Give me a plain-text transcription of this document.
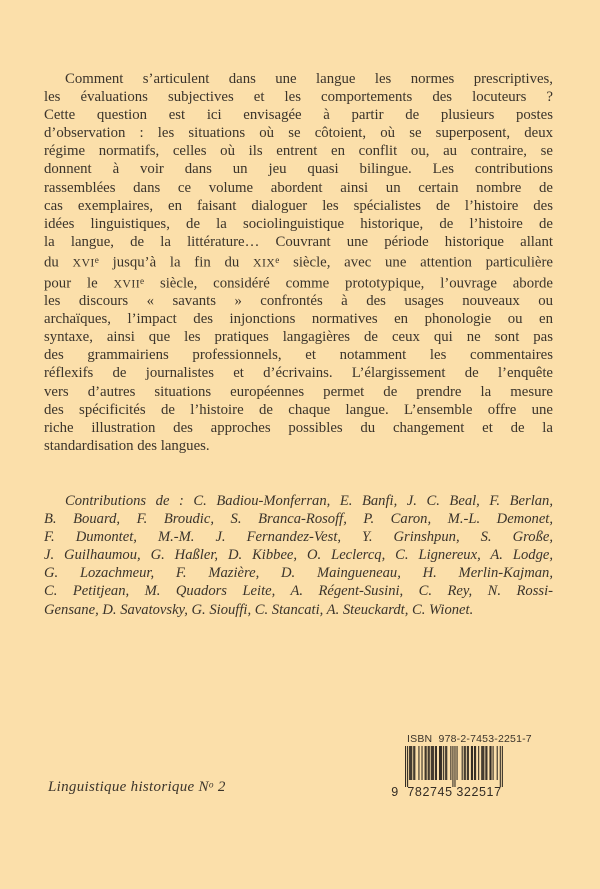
Comment s’articulent dans une langue les normes prescriptives,
les évaluations subjectives et les comportements des locuteurs ?
Cette question est ici envisagée à partir de plusieurs postes
d’observation : les situations où se côtoient, où se superposent, deux
régime normatifs, celles où ils entrent en conflit ou, au contraire, se
donnent à voir dans un jeu quasi bilingue. Les contributions
rassemblées dans ce volume abordent ainsi un certain nombre de
cas exemplaires, en faisant dialoguer les spécialistes de l’histoire des
idées linguistiques, de la sociolinguistique historique, de l’histoire de
la langue, de la littérature… Couvrant une période historique allant
du XVIe jusqu’à la fin du XIXe siècle, avec une attention particulière
pour le XVIIe siècle, considéré comme prototypique, l’ouvrage aborde
les discours « savants » confrontés à des usages nouveaux ou
archaïques, l’impact des injonctions normatives en phonologie ou en
syntaxe, ainsi que les pratiques langagières de ceux qui ne sont pas
des grammairiens professionnels, et notamment les commentaires
réflexifs de journalistes et d’écrivains. L’élargissement de l’enquête
vers d’autres situations européennes permet de prendre la mesure
des spécificités de l’histoire de chaque langue. L’ensemble offre une
riche illustration des approches possibles du changement et de la
standardisation des langues.
Contributions de : C. Badiou-Monferran, E. Banfi, J. C. Beal, F. Berlan,
B. Bouard, F. Broudic, S. Branca-Rosoff, P. Caron, M.-L. Demonet,
F. Dumontet, M.-M. J. Fernandez-Vest, Y. Grinshpun, S. Große,
J. Guilhaumou, G. Haßler, D. Kibbee, O. Leclercq, C. Lignereux, A. Lodge,
G. Lozachmeur, F. Mazière, D. Maingueneau, H. Merlin-Kajman,
C. Petitjean, M. Quadors Leite, A. Régent-Susini, C. Rey, N. Rossi-
Gensane, D. Savatovsky, G. Siouffi, C. Stancati, A. Steuckardt, C. Wionet.
ISBN  978-2-7453-2251-7
9 782745 322517
Linguistique historique $N^o$ 2
